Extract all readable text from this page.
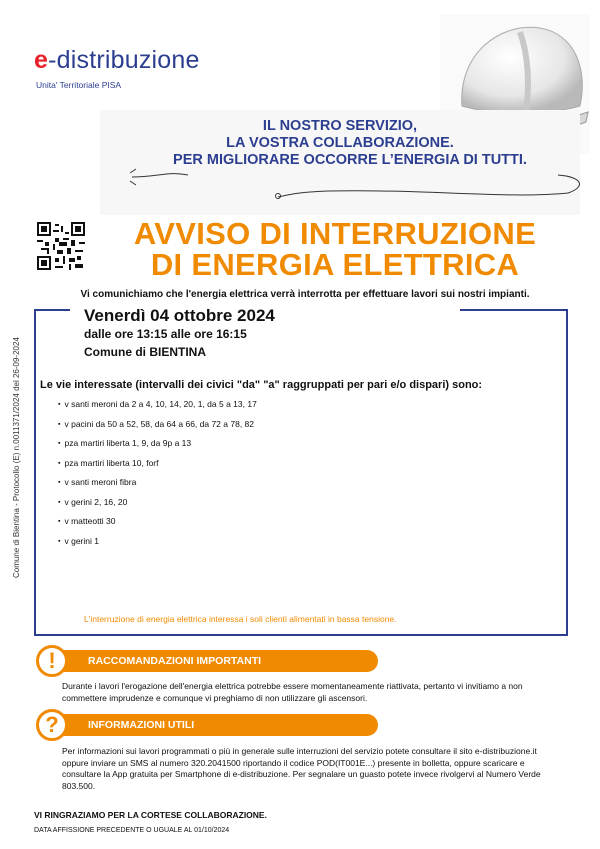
e-distribuzione
Unita' Territoriale PISA
IL NOSTRO SERVIZIO,
LA VOSTRA COLLABORAZIONE.
PER MIGLIORARE OCCORRE L’ENERGIA DI TUTTI.
AVVISO DI INTERRUZIONE
DI ENERGIA ELETTRICA
Vi comunichiamo che l'energia elettrica verrà interrotta per effettuare lavori sui nostri impianti.
Comune di Bientina - Protocollo (E) n.0011371/2024 del 26-09-2024
Venerdì 04 ottobre 2024
dalle ore 13:15 alle ore 16:15
Comune di BIENTINA
Le vie interessate (intervalli dei civici "da" "a" raggruppati per pari e/o dispari) sono:
▪ v santi meroni da 2 a 4, 10, 14, 20, 1, da 5 a 13, 17
▪ v pacini da 50 a 52, 58, da 64 a 66, da 72 a 78, 82
▪ pza martiri liberta 1, 9, da 9p a 13
▪ pza martiri liberta 10, forf
▪ v santi meroni fibra
▪ v gerini 2, 16, 20
▪ v matteotti 30
▪ v gerini 1
L'interruzione di energia elettrica interessa i soli clienti alimentati in bassa tensione.
RACCOMANDAZIONI IMPORTANTI
!
Durante i lavori l'erogazione dell'energia elettrica potrebbe essere momentaneamente riattivata, pertanto vi invitiamo a non commettere imprudenze e comunque vi preghiamo di non utilizzare gli ascensori.
INFORMAZIONI UTILI
?
Per informazioni sui lavori programmati o più in generale sulle interruzioni del servizio potete consultare il sito e-distribuzione.it oppure inviare un SMS al numero 320.2041500 riportando il codice POD(IT001E...) presente in bolletta, oppure scaricare e consultare la App gratuita per Smartphone di e-distribuzione. Per segnalare un guasto potete invece rivolgervi al Numero Verde 803.500.
VI RINGRAZIAMO PER LA CORTESE COLLABORAZIONE.
DATA AFFISSIONE PRECEDENTE O UGUALE AL 01/10/2024
